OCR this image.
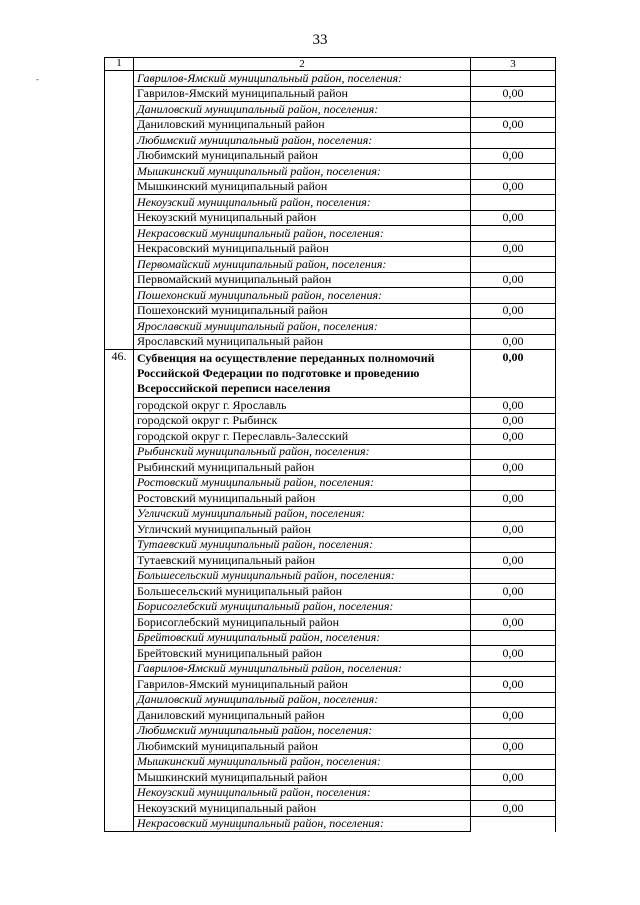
33
-
1	2	3
	Гаврилов-Ямский муниципальный район, поселения:	
	Гаврилов-Ямский муниципальный район	0,00
	Даниловский муниципальный район, поселения:	
	Даниловский муниципальный район	0,00
	Любимский муниципальный район, поселения:	
	Любимский муниципальный район	0,00
	Мышкинский муниципальный район, поселения:	
	Мышкинский муниципальный район	0,00
	Некоузский муниципальный район, поселения:	
	Некоузский муниципальный район	0,00
	Некрасовский муниципальный район, поселения:	
	Некрасовский муниципальный район	0,00
	Первомайский муниципальный район, поселения:	
	Первомайский муниципальный район	0,00
	Пошехонский муниципальный район, поселения:	
	Пошехонский муниципальный район	0,00
	Ярославский муниципальный район, поселения:	
	Ярославский муниципальный район	0,00
46.	Субвенция на осуществление переданных полномочий Российской Федерации по подготовке и проведению Всероссийской переписи населения	0,00
	городской округ г. Ярославль	0,00
	городской округ г. Рыбинск	0,00
	городской округ г. Переславль-Залесский	0,00
	Рыбинский муниципальный район, поселения:	
	Рыбинский муниципальный район	0,00
	Ростовский муниципальный район, поселения:	
	Ростовский муниципальный район	0,00
	Угличский муниципальный район, поселения:	
	Угличский муниципальный район	0,00
	Тутаевский муниципальный район, поселения:	
	Тутаевский муниципальный район	0,00
	Большесельский муниципальный район, поселения:	
	Большесельский муниципальный район	0,00
	Борисоглебский муниципальный район, поселения:	
	Борисоглебский муниципальный район	0,00
	Брейтовский муниципальный район, поселения:	
	Брейтовский муниципальный район	0,00
	Гаврилов-Ямский муниципальный район, поселения:	
	Гаврилов-Ямский муниципальный район	0,00
	Даниловский муниципальный район, поселения:	
	Даниловский муниципальный район	0,00
	Любимский муниципальный район, поселения:	
	Любимский муниципальный район	0,00
	Мышкинский муниципальный район, поселения:	
	Мышкинский муниципальный район	0,00
	Некоузский муниципальный район, поселения:	
	Некоузский муниципальный район	0,00
	Некрасовский муниципальный район, поселения:	
